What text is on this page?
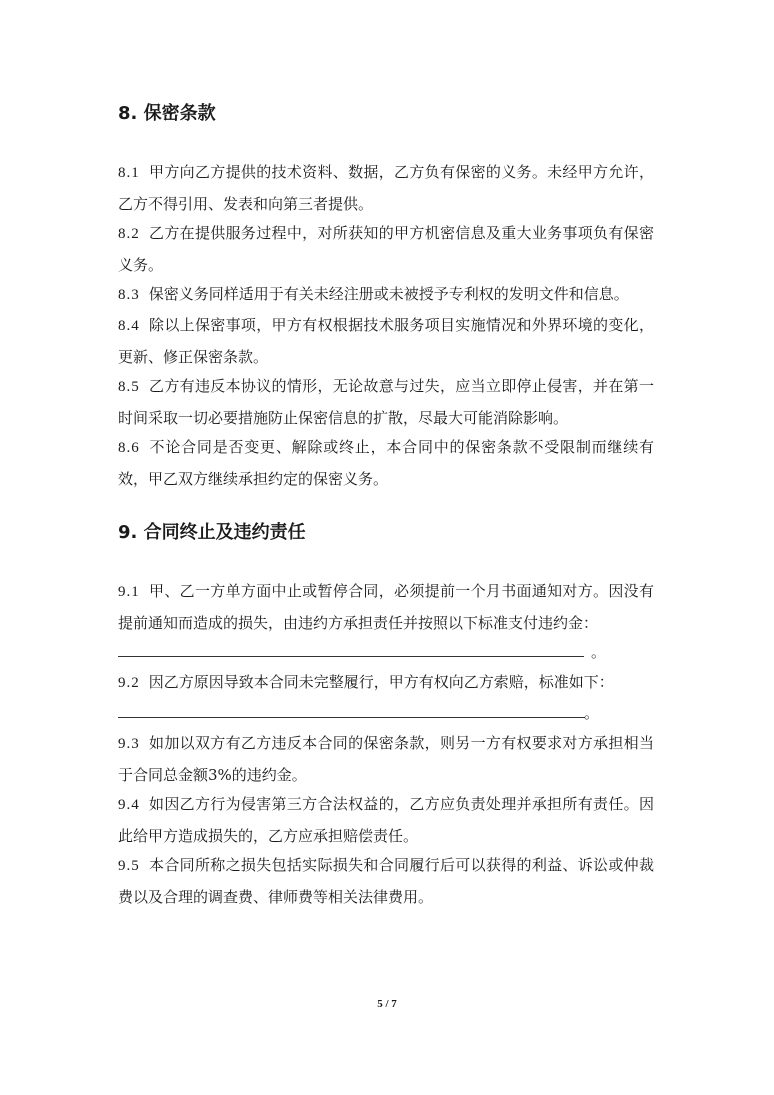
8. 保密条款

8.1 甲方向乙方提供的技术资料、数据，乙方负有保密的义务。未经甲方允许，乙方不得引用、发表和向第三者提供。

8.2 乙方在提供服务过程中，对所获知的甲方机密信息及重大业务事项负有保密义务。

8.3 保密义务同样适用于有关未经注册或未被授予专利权的发明文件和信息。

8.4 除以上保密事项，甲方有权根据技术服务项目实施情况和外界环境的变化，更新、修正保密条款。

8.5 乙方有违反本协议的情形，无论故意与过失，应当立即停止侵害，并在第一时间采取一切必要措施防止保密信息的扩散，尽最大可能消除影响。

8.6 不论合同是否变更、解除或终止，本合同中的保密条款不受限制而继续有效，甲乙双方继续承担约定的保密义务。

9. 合同终止及违约责任

9.1 甲、乙一方单方面中止或暂停合同，必须提前一个月书面通知对方。因没有提前通知而造成的损失，由违约方承担责任并按照以下标准支付违约金：

。

9.2 因乙方原因导致本合同未完整履行，甲方有权向乙方索赔，标准如下：

。

9.3 如加以双方有乙方违反本合同的保密条款，则另一方有权要求对方承担相当于合同总金额3%的违约金。

9.4 如因乙方行为侵害第三方合法权益的，乙方应负责处理并承担所有责任。因此给甲方造成损失的，乙方应承担赔偿责任。

9.5 本合同所称之损失包括实际损失和合同履行后可以获得的利益、诉讼或仲裁费以及合理的调查费、律师费等相关法律费用。

5 / 7
